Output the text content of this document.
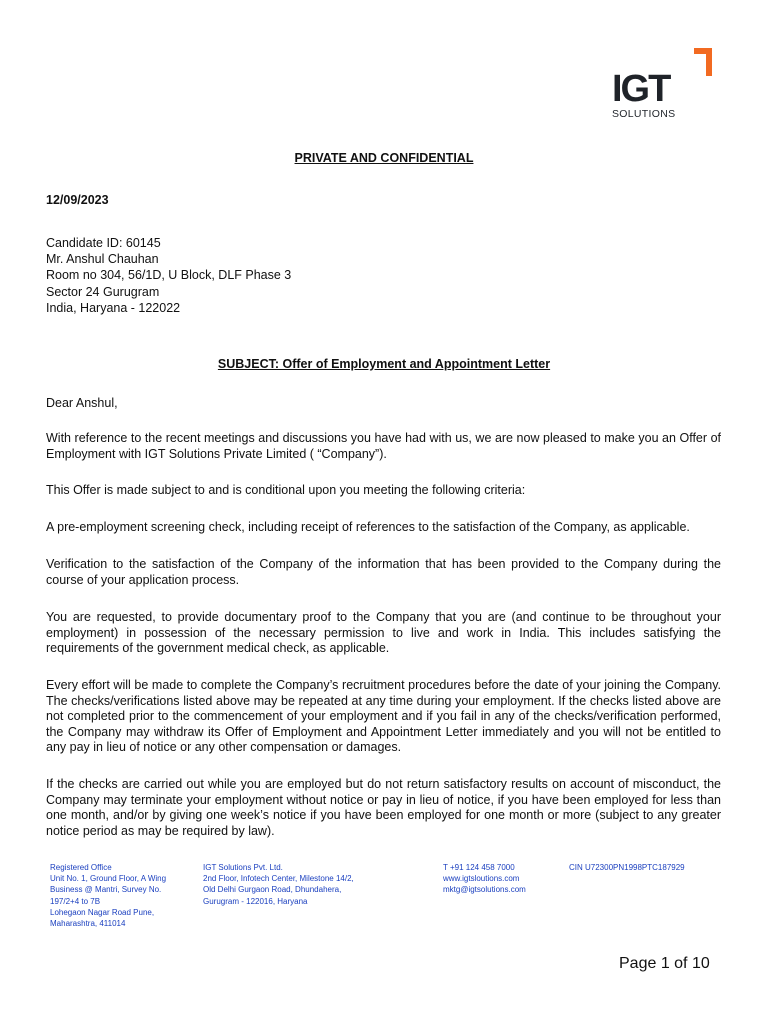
IGT
SOLUTIONS
PRIVATE AND CONFIDENTIAL
12/09/2023
Candidate ID: 60145
Mr. Anshul Chauhan
Room no 304, 56/1D, U Block, DLF Phase 3
Sector 24 Gurugram
India, Haryana - 122022
SUBJECT: Offer of Employment and Appointment Letter
Dear Anshul,
With reference to the recent meetings and discussions you have had with us, we are now pleased to make you an Offer of Employment with IGT Solutions Private Limited ( “Company”).
This Offer is made subject to and is conditional upon you meeting the following criteria:
A pre-employment screening check, including receipt of references to the satisfaction of the Company, as applicable.
Verification to the satisfaction of the Company of the information that has been provided to the Company during the course of your application process.
You are requested, to provide documentary proof to the Company that you are (and continue to be throughout your employment) in possession of the necessary permission to live and work in India. This includes satisfying the requirements of the government medical check, as applicable.
Every effort will be made to complete the Company’s recruitment procedures before the date of your joining the Company. The checks/verifications listed above may be repeated at any time during your employment. If the checks listed above are not completed prior to the commencement of your employment and if you fail in any of the checks/verification performed, the Company may withdraw its Offer of Employment and Appointment Letter immediately and you will not be entitled to any pay in lieu of notice or any other compensation or damages.
If the checks are carried out while you are employed but do not return satisfactory results on account of misconduct, the Company may terminate your employment without notice or pay in lieu of notice, if you have been employed for less than one month, and/or by giving one week’s notice if you have been employed for one month or more (subject to any greater notice period as may be required by law).
Registered Office
Unit No. 1, Ground Floor, A Wing
Business @ Mantri, Survey No.
197/2+4 to 7B
Lohegaon Nagar Road Pune,
Maharashtra, 411014
IGT Solutions Pvt. Ltd.
2nd Floor, Infotech Center, Milestone 14/2,
Old Delhi Gurgaon Road, Dhundahera,
Gurugram - 122016, Haryana
T +91 124 458 7000
www.igtsloutions.com
mktg@igtsolutions.com
CIN U72300PN1998PTC187929
Page 1 of 10
